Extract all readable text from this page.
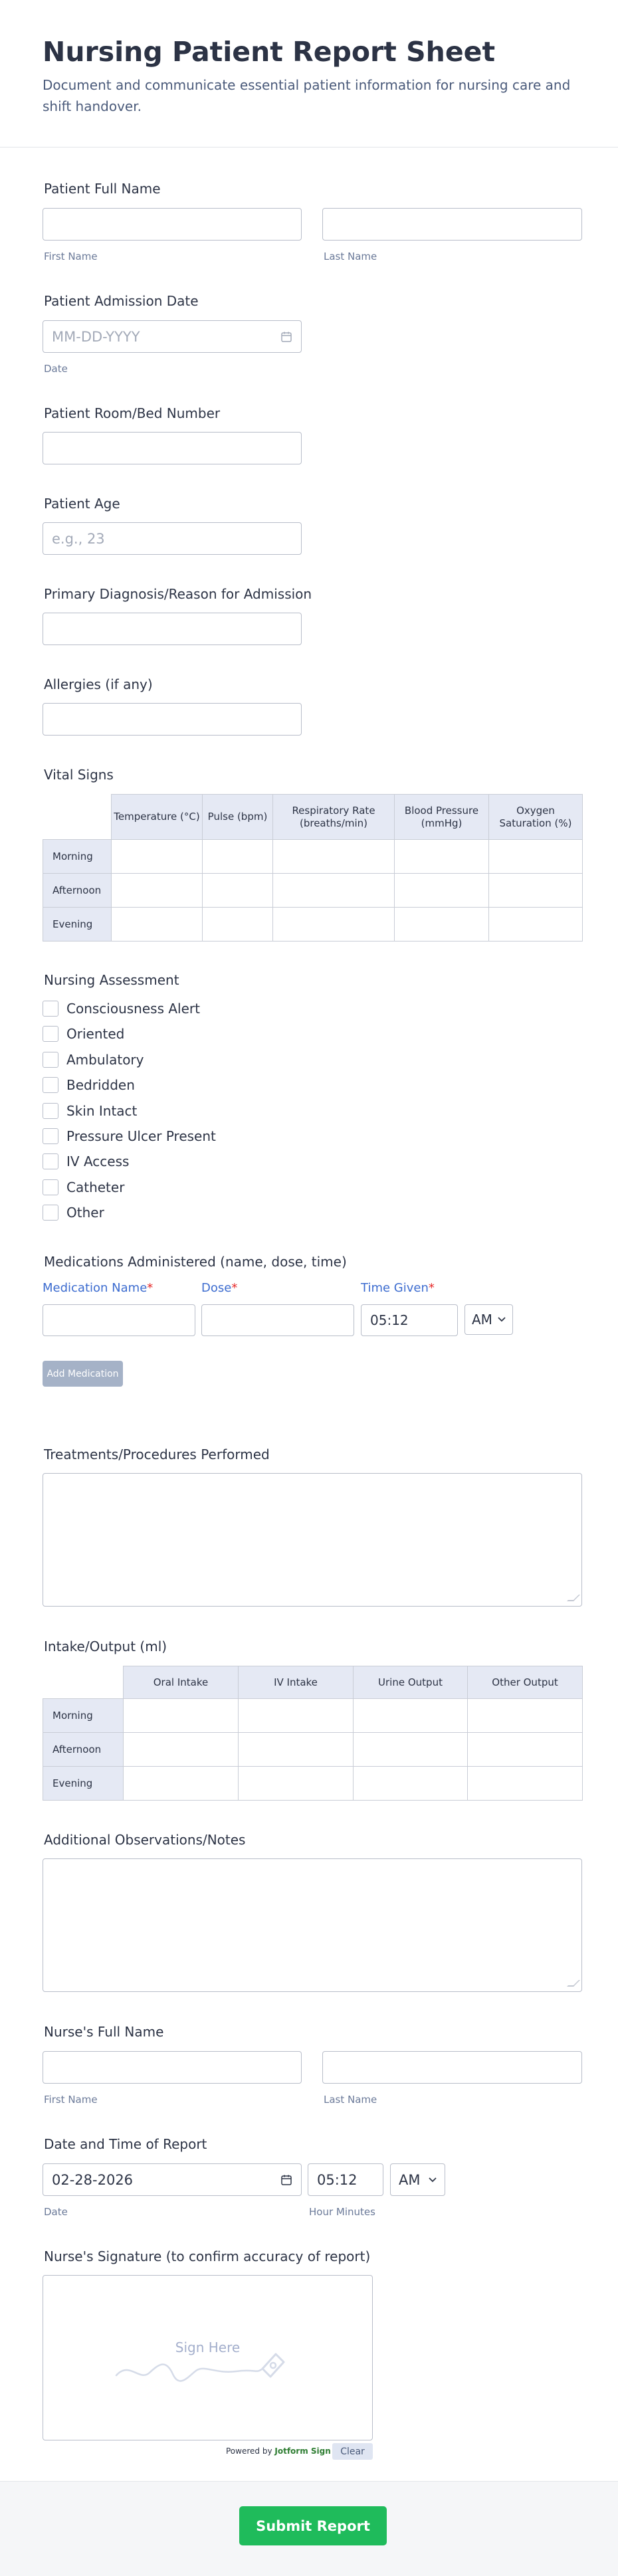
Nursing Patient Report Sheet

Document and communicate essential patient information for nursing care and shift handover.

Patient Full Name
First Name	Last Name
Patient Admission Date
MM-DD-YYYY
Date
Patient Room/Bed Number
Patient Age
e.g., 23
Primary Diagnosis/Reason for Admission
Allergies (if any)
Vital Signs
	Temperature (°C)	Pulse (bpm)	Respiratory Rate (breaths/min)	Blood Pressure (mmHg)	Oxygen Saturation (%)
Morning					
Afternoon					
Evening					
Nursing Assessment
Consciousness Alert
Oriented
Ambulatory
Bedridden
Skin Intact
Pressure Ulcer Present
IV Access
Catheter
Other
Medications Administered (name, dose, time)
Medication Name*	Dose*	Time Given*
05:12	AM
Add Medication
Treatments/Procedures Performed
Intake/Output (ml)
	Oral Intake	IV Intake	Urine Output	Other Output
Morning				
Afternoon				
Evening				
Additional Observations/Notes
Nurse's Full Name
First Name	Last Name
Date and Time of Report
02-28-2026	05:12	AM
Date	Hour Minutes
Nurse's Signature (to confirm accuracy of report)
Sign Here
Powered by Jotform Sign	Clear
Submit Report
